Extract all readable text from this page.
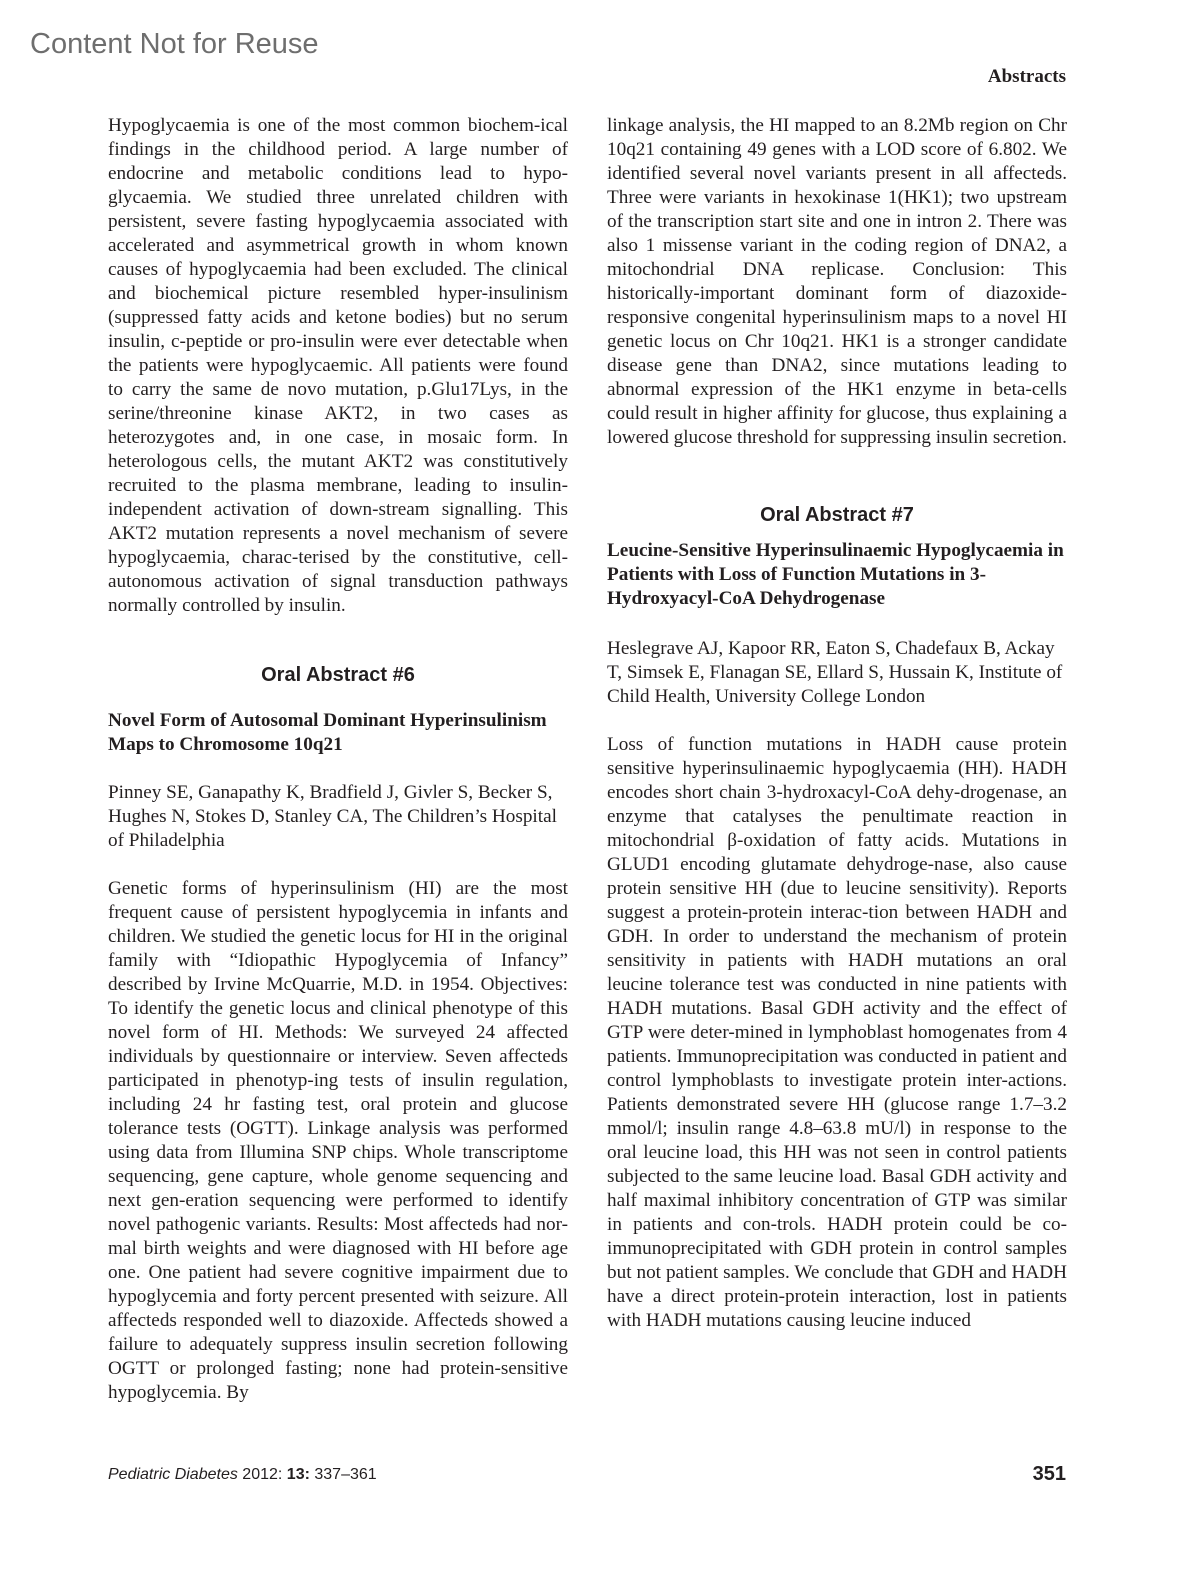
Content Not for Reuse
Abstracts

Hypoglycaemia is one of the most common biochem-ical findings in the childhood period. A large number of endocrine and metabolic conditions lead to hypo-glycaemia. We studied three unrelated children with persistent, severe fasting hypoglycaemia associated with accelerated and asymmetrical growth in whom known causes of hypoglycaemia had been excluded. The clinical and biochemical picture resembled hyper-insulinism (suppressed fatty acids and ketone bodies) but no serum insulin, c-peptide or pro-insulin were ever detectable when the patients were hypoglycaemic. All patients were found to carry the same de novo mutation, p.Glu17Lys, in the serine/threonine kinase AKT2, in two cases as heterozygotes and, in one case, in mosaic form. In heterologous cells, the mutant AKT2 was constitutively recruited to the plasma membrane, leading to insulin-independent activation of down-stream signalling. This AKT2 mutation represents a novel mechanism of severe hypoglycaemia, charac-terised by the constitutive, cell-autonomous activation of signal transduction pathways normally controlled by insulin.

Oral Abstract #6

Novel Form of Autosomal Dominant Hyperinsulinism Maps to Chromosome 10q21

Pinney SE, Ganapathy K, Bradfield J, Givler S, Becker S, Hughes N, Stokes D, Stanley CA, The Children’s Hospital of Philadelphia

Genetic forms of hyperinsulinism (HI) are the most frequent cause of persistent hypoglycemia in infants and children. We studied the genetic locus for HI in the original family with “Idiopathic Hypoglycemia of Infancy” described by Irvine McQuarrie, M.D. in 1954. Objectives: To identify the genetic locus and clinical phenotype of this novel form of HI. Methods: We surveyed 24 affected individuals by questionnaire or interview. Seven affecteds participated in phenotyp-ing tests of insulin regulation, including 24 hr fasting test, oral protein and glucose tolerance tests (OGTT). Linkage analysis was performed using data from Illumina SNP chips. Whole transcriptome sequencing, gene capture, whole genome sequencing and next gen-eration sequencing were performed to identify novel pathogenic variants. Results: Most affecteds had nor-mal birth weights and were diagnosed with HI before age one. One patient had severe cognitive impairment due to hypoglycemia and forty percent presented with seizure. All affecteds responded well to diazoxide. Affecteds showed a failure to adequately suppress insulin secretion following OGTT or prolonged fasting; none had protein-sensitive hypoglycemia. By

linkage analysis, the HI mapped to an 8.2Mb region on Chr 10q21 containing 49 genes with a LOD score of 6.802. We identified several novel variants present in all affecteds. Three were variants in hexokinase 1(HK1); two upstream of the transcription start site and one in intron 2. There was also 1 missense variant in the coding region of DNA2, a mitochondrial DNA replicase. Conclusion: This historically-important dominant form of diazoxide-responsive congenital hyperinsulinism maps to a novel HI genetic locus on Chr 10q21. HK1 is a stronger candidate disease gene than DNA2, since mutations leading to abnormal expression of the HK1 enzyme in beta-cells could result in higher affinity for glucose, thus explaining a lowered glucose threshold for suppressing insulin secretion.

Oral Abstract #7

Leucine-Sensitive Hyperinsulinaemic Hypoglycaemia in Patients with Loss of Function Mutations in 3-Hydroxyacyl-CoA Dehydrogenase

Heslegrave AJ, Kapoor RR, Eaton S, Chadefaux B, Ackay T, Simsek E, Flanagan SE, Ellard S, Hussain K, Institute of Child Health, University College London

Loss of function mutations in HADH cause protein sensitive hyperinsulinaemic hypoglycaemia (HH). HADH encodes short chain 3-hydroxacyl-CoA dehy-drogenase, an enzyme that catalyses the penultimate reaction in mitochondrial β-oxidation of fatty acids. Mutations in GLUD1 encoding glutamate dehydroge-nase, also cause protein sensitive HH (due to leucine sensitivity). Reports suggest a protein-protein interac-tion between HADH and GDH. In order to understand the mechanism of protein sensitivity in patients with HADH mutations an oral leucine tolerance test was conducted in nine patients with HADH mutations. Basal GDH activity and the effect of GTP were deter-mined in lymphoblast homogenates from 4 patients. Immunoprecipitation was conducted in patient and control lymphoblasts to investigate protein inter-actions. Patients demonstrated severe HH (glucose range 1.7–3.2 mmol/l; insulin range 4.8–63.8 mU/l) in response to the oral leucine load, this HH was not seen in control patients subjected to the same leucine load. Basal GDH activity and half maximal inhibitory concentration of GTP was similar in patients and con-trols. HADH protein could be co-immunoprecipitated with GDH protein in control samples but not patient samples. We conclude that GDH and HADH have a direct protein-protein interaction, lost in patients with HADH mutations causing leucine induced

Pediatric Diabetes 2012: 13: 337–361	351
